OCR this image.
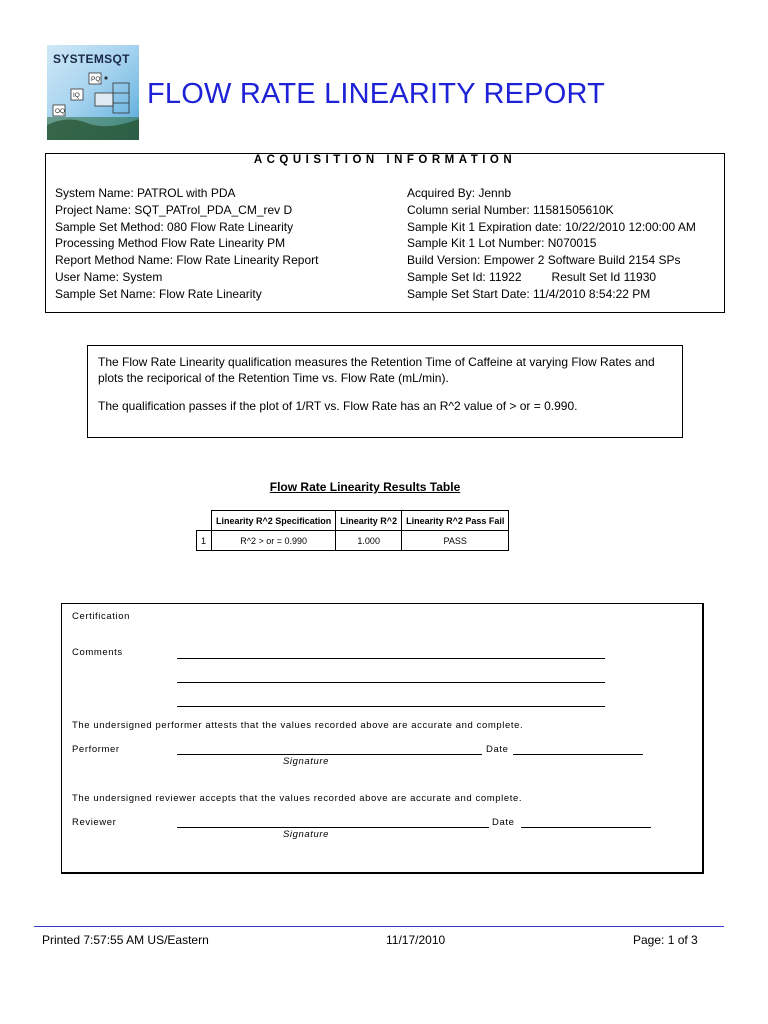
PQ
IQ
OQ
SYSTEMSQT
FLOW RATE LINEARITY REPORT
ACQUISITION INFORMATION
System Name: PATROL with PDA
Project Name: SQT_PATrol_PDA_CM_rev D
Sample Set Method: 080 Flow Rate Linearity
Processing Method Flow Rate Linearity PM
Report Method Name: Flow Rate Linearity Report
User Name: System
Sample Set Name: Flow Rate Linearity
Acquired By: Jennb
Column serial Number: 11581505610K
Sample Kit 1 Expiration date: 10/22/2010 12:00:00 AM
Sample Kit 1 Lot Number: N070015
Build Version: Empower 2 Software Build 2154 SPs
Sample Set Id: 11922	Result Set Id 11930
Sample Set Start Date: 11/4/2010 8:54:22 PM

The Flow Rate Linearity qualification measures the Retention Time of Caffeine at varying Flow Rates and plots the reciporical of the Retention Time vs. Flow Rate (mL/min).

The qualification passes if the plot of 1/RT vs. Flow Rate has an R^2 value of > or = 0.990.

Flow Rate Linearity Results Table
	Linearity R^2 Specification	Linearity R^2	Linearity R^2 Pass Fail
1	R^2 > or = 0.990	1.000	PASS
Certification
Comments
The undersigned performer attests that the values recorded above are accurate and complete.
Performer	Date
Signature
The undersigned reviewer accepts that the values recorded above are accurate and complete.
Reviewer	Date
Signature
Printed 7:57:55 AM US/Eastern	11/17/2010	Page: 1 of 3
